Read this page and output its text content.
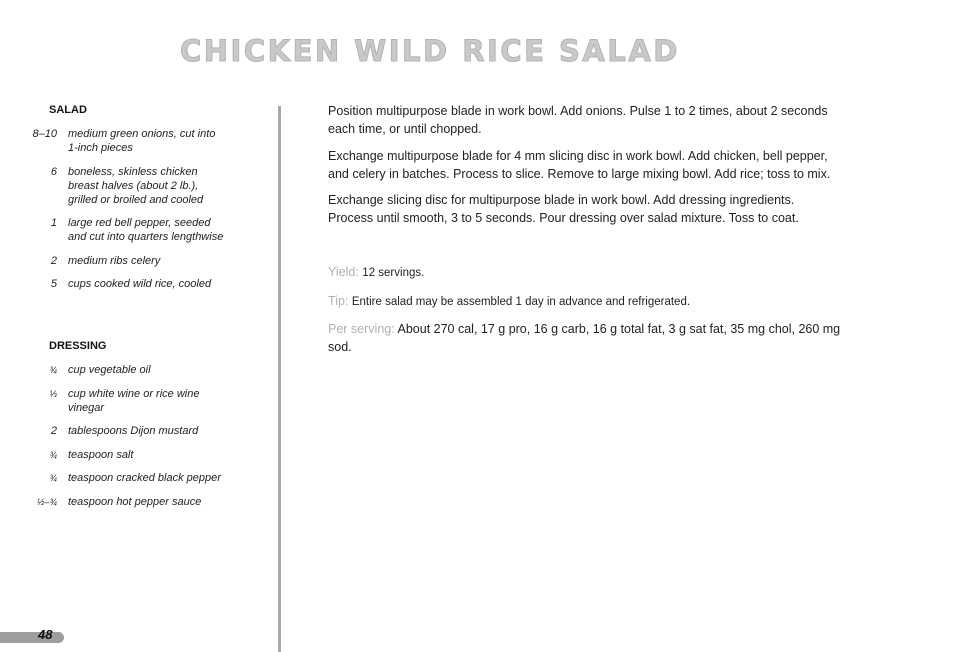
CHICKEN WILD RICE SALAD
SALAD
8–10	medium green onions, cut into 1-inch pieces
6	boneless, skinless chicken breast halves (about 2 lb.), grilled or broiled and cooled
1	large red bell pepper, seeded and cut into quarters lengthwise
2	medium ribs celery
5	cups cooked wild rice, cooled
DRESSING
¾	cup vegetable oil
⅓	cup white wine or rice wine vinegar
2	tablespoons Dijon mustard
¾	teaspoon salt
¾	teaspoon cracked black pepper
½–¾	teaspoon hot pepper sauce

Position multipurpose blade in work bowl. Add onions. Pulse 1 to 2 times, about 2 seconds each time, or until chopped.

Exchange multipurpose blade for 4 mm slicing disc in work bowl. Add chicken, bell pepper, and celery in batches. Process to slice. Remove to large mixing bowl. Add rice; toss to mix.

Exchange slicing disc for multipurpose blade in work bowl. Add dressing ingredients. Process until smooth, 3 to 5 seconds. Pour dressing over salad mixture. Toss to coat.

Yield: 12 servings.

Tip: Entire salad may be assembled 1 day in advance and refrigerated.

Per serving: About 270 cal, 17 g pro, 16 g carb, 16 g total fat, 3 g sat fat, 35 mg chol, 260 mg sod.

48
